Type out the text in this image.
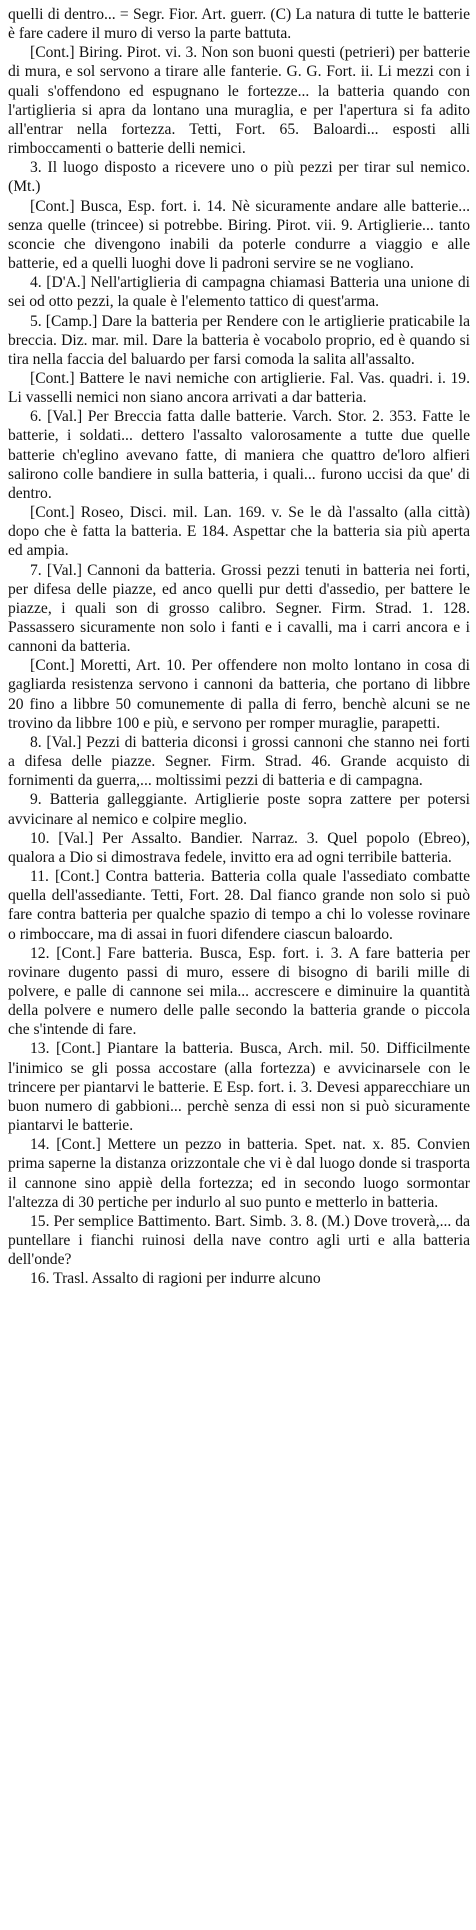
quelli di dentro... = Segr. Fior. Art. guerr. (C) La natura di tutte le batterie è fare cadere il muro di verso la parte battuta.

[Cont.] Biring. Pirot. vi. 3. Non son buoni questi (petrieri) per batterie di mura, e sol servono a tirare alle fanterie. G. G. Fort. ii. Li mezzi con i quali s'offendono ed espugnano le fortezze... la batteria quando con l'artiglieria si apra da lontano una muraglia, e per l'apertura si fa adito all'entrar nella fortezza. Tetti, Fort. 65. Baloardi... esposti alli rimboccamenti o batterie delli nemici.

3. Il luogo disposto a ricevere uno o più pezzi per tirar sul nemico. (Mt.)

[Cont.] Busca, Esp. fort. i. 14. Nè sicuramente andare alle batterie... senza quelle (trincee) si potrebbe. Biring. Pirot. vii. 9. Artiglierie... tanto sconcie che divengono inabili da poterle condurre a viaggio e alle batterie, ed a quelli luoghi dove li padroni servire se ne vogliano.

4. [D'A.] Nell'artiglieria di campagna chiamasi Batteria una unione di sei od otto pezzi, la quale è l'elemento tattico di quest'arma.

5. [Camp.] Dare la batteria per Rendere con le artiglierie praticabile la breccia. Diz. mar. mil. Dare la batteria è vocabolo proprio, ed è quando si tira nella faccia del baluardo per farsi comoda la salita all'assalto.

[Cont.] Battere le navi nemiche con artiglierie. Fal. Vas. quadri. i. 19. Li vasselli nemici non siano ancora arrivati a dar batteria.

6. [Val.] Per Breccia fatta dalle batterie. Varch. Stor. 2. 353. Fatte le batterie, i soldati... dettero l'assalto valorosamente a tutte due quelle batterie ch'eglino avevano fatte, di maniera che quattro de'loro alfieri salirono colle bandiere in sulla batteria, i quali... furono uccisi da que' di dentro.

[Cont.] Roseo, Disci. mil. Lan. 169. v. Se le dà l'assalto (alla città) dopo che è fatta la batteria. E 184. Aspettar che la batteria sia più aperta ed ampia.

7. [Val.] Cannoni da batteria. Grossi pezzi tenuti in batteria nei forti, per difesa delle piazze, ed anco quelli pur detti d'assedio, per battere le piazze, i quali son di grosso calibro. Segner. Firm. Strad. 1. 128. Passassero sicuramente non solo i fanti e i cavalli, ma i carri ancora e i cannoni da batteria.

[Cont.] Moretti, Art. 10. Per offendere non molto lontano in cosa di gagliarda resistenza servono i cannoni da batteria, che portano di libbre 20 fino a libbre 50 comunemente di palla di ferro, benchè alcuni se ne trovino da libbre 100 e più, e servono per romper muraglie, parapetti.

8. [Val.] Pezzi di batteria diconsi i grossi cannoni che stanno nei forti a difesa delle piazze. Segner. Firm. Strad. 46. Grande acquisto di fornimenti da guerra,... moltissimi pezzi di batteria e di campagna.

9. Batteria galleggiante. Artiglierie poste sopra zattere per potersi avvicinare al nemico e colpire meglio.

10. [Val.] Per Assalto. Bandier. Narraz. 3. Quel popolo (Ebreo), qualora a Dio si dimostrava fedele, invitto era ad ogni terribile batteria.

11. [Cont.] Contra batteria. Batteria colla quale l'assediato combatte quella dell'assediante. Tetti, Fort. 28. Dal fianco grande non solo si può fare contra batteria per qualche spazio di tempo a chi lo volesse rovinare o rimboccare, ma di assai in fuori difendere ciascun baloardo.

12. [Cont.] Fare batteria. Busca, Esp. fort. i. 3. A fare batteria per rovinare dugento passi di muro, essere di bisogno di barili mille di polvere, e palle di cannone sei mila... accrescere e diminuire la quantità della polvere e numero delle palle secondo la batteria grande o piccola che s'intende di fare.

13. [Cont.] Piantare la batteria. Busca, Arch. mil. 50. Difficilmente l'inimico se gli possa accostare (alla fortezza) e avvicinarsele con le trincere per piantarvi le batterie. E Esp. fort. i. 3. Devesi apparecchiare un buon numero di gabbioni... perchè senza di essi non si può sicuramente piantarvi le batterie.

14. [Cont.] Mettere un pezzo in batteria. Spet. nat. x. 85. Convien prima saperne la distanza orizzontale che vi è dal luogo donde si trasporta il cannone sino appiè della fortezza; ed in secondo luogo sormontar l'altezza di 30 pertiche per indurlo al suo punto e metterlo in batteria.

15. Per semplice Battimento. Bart. Simb. 3. 8. (M.) Dove troverà,... da puntellare i fianchi ruinosi della nave contro agli urti e alla batteria dell'onde?

16. Trasl. Assalto di ragioni per indurre alcuno
